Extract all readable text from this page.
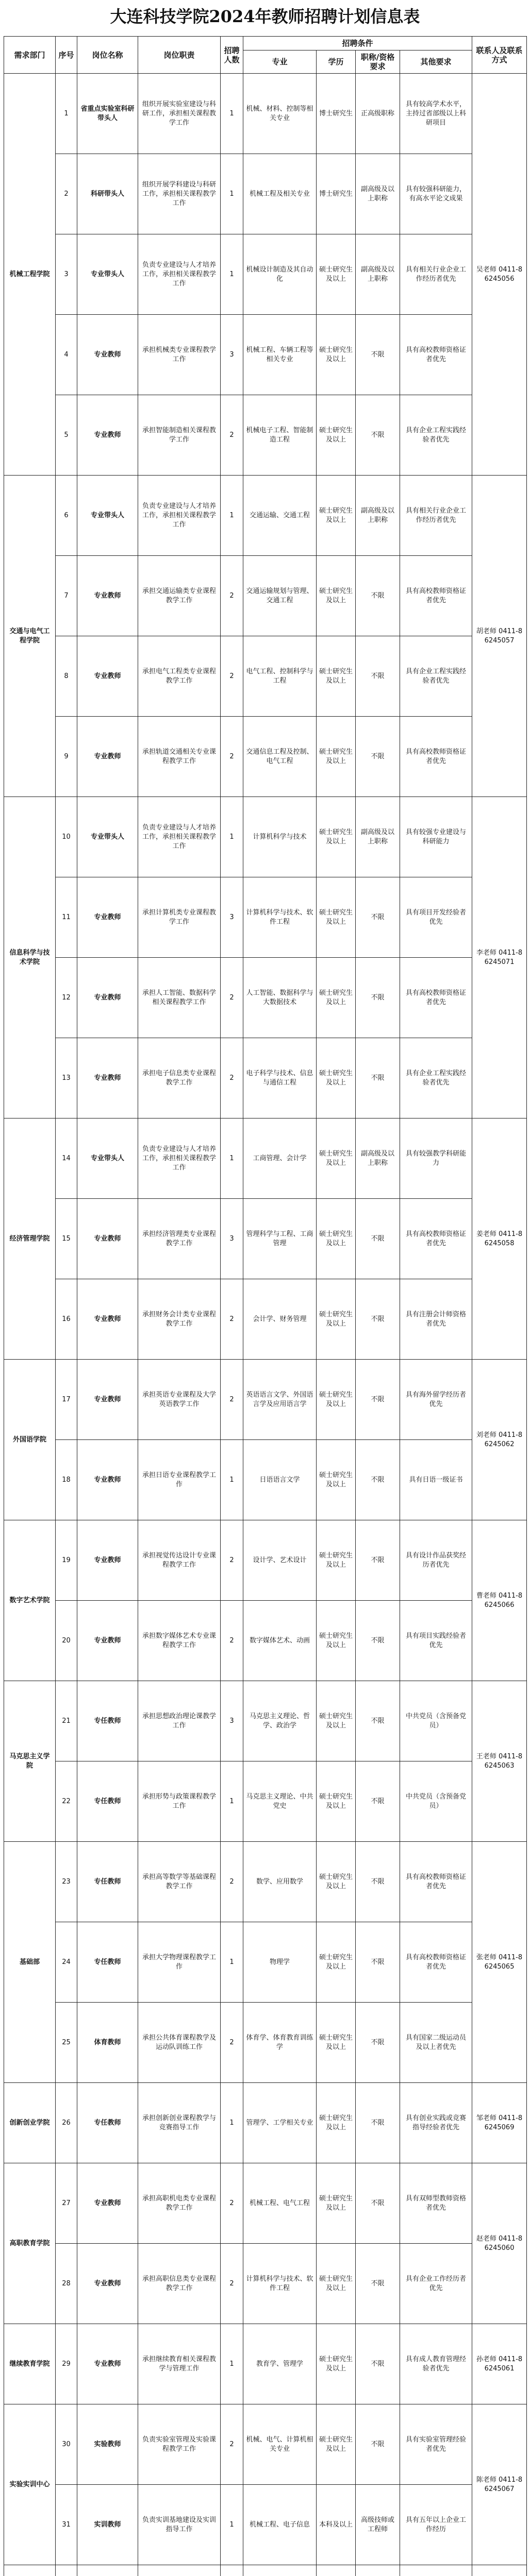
大连科技学院2024年教师招聘计划信息表
需求部门	序号	岗位名称	岗位职责	招聘人数	招聘条件				联系人及联系方式
					专业	学历	职称/资格要求	其他要求	
机械工程学院	1	省重点实验室科研带头人	组织开展实验室建设与科研工作，承担相关课程教学工作	1	机械、材料、控制等相关专业	博士研究生	正高级职称	具有较高学术水平，主持过省部级以上科研项目	吴老师 0411-86245056
	2	科研带头人	组织开展学科建设与科研工作，承担相关课程教学工作	1	机械工程及相关专业	博士研究生	副高级及以上职称	具有较强科研能力，有高水平论文成果	
	3	专业带头人	负责专业建设与人才培养工作，承担相关课程教学工作	1	机械设计制造及其自动化	硕士研究生及以上	副高级及以上职称	具有相关行业企业工作经历者优先	
	4	专业教师	承担机械类专业课程教学工作	3	机械工程、车辆工程等相关专业	硕士研究生及以上	不限	具有高校教师资格证者优先	
	5	专业教师	承担智能制造相关课程教学工作	2	机械电子工程、智能制造工程	硕士研究生及以上	不限	具有企业工程实践经验者优先	
交通与电气工程学院	6	专业带头人	负责专业建设与人才培养工作，承担相关课程教学工作	1	交通运输、交通工程	硕士研究生及以上	副高级及以上职称	具有相关行业企业工作经历者优先	胡老师 0411-86245057
	7	专业教师	承担交通运输类专业课程教学工作	2	交通运输规划与管理、交通工程	硕士研究生及以上	不限	具有高校教师资格证者优先	
	8	专业教师	承担电气工程类专业课程教学工作	2	电气工程、控制科学与工程	硕士研究生及以上	不限	具有企业工程实践经验者优先	
	9	专业教师	承担轨道交通相关专业课程教学工作	2	交通信息工程及控制、电气工程	硕士研究生及以上	不限	具有高校教师资格证者优先	
信息科学与技术学院	10	专业带头人	负责专业建设与人才培养工作，承担相关课程教学工作	1	计算机科学与技术	硕士研究生及以上	副高级及以上职称	具有较强专业建设与科研能力	李老师 0411-86245071
	11	专业教师	承担计算机类专业课程教学工作	3	计算机科学与技术、软件工程	硕士研究生及以上	不限	具有项目开发经验者优先	
	12	专业教师	承担人工智能、数据科学相关课程教学工作	2	人工智能、数据科学与大数据技术	硕士研究生及以上	不限	具有高校教师资格证者优先	
	13	专业教师	承担电子信息类专业课程教学工作	2	电子科学与技术、信息与通信工程	硕士研究生及以上	不限	具有企业工程实践经验者优先	
经济管理学院	14	专业带头人	负责专业建设与人才培养工作，承担相关课程教学工作	1	工商管理、会计学	硕士研究生及以上	副高级及以上职称	具有较强教学科研能力	姜老师 0411-86245058
	15	专业教师	承担经济管理类专业课程教学工作	3	管理科学与工程、工商管理	硕士研究生及以上	不限	具有高校教师资格证者优先	
	16	专业教师	承担财务会计类专业课程教学工作	2	会计学、财务管理	硕士研究生及以上	不限	具有注册会计师资格者优先	
外国语学院	17	专业教师	承担英语专业课程及大学英语教学工作	2	英语语言文学、外国语言学及应用语言学	硕士研究生及以上	不限	具有海外留学经历者优先	刘老师 0411-86245062
	18	专业教师	承担日语专业课程教学工作	1	日语语言文学	硕士研究生及以上	不限	具有日语一级证书	
数字艺术学院	19	专业教师	承担视觉传达设计专业课程教学工作	2	设计学、艺术设计	硕士研究生及以上	不限	具有设计作品获奖经历者优先	曹老师 0411-86245066
	20	专业教师	承担数字媒体艺术专业课程教学工作	2	数字媒体艺术、动画	硕士研究生及以上	不限	具有项目实践经验者优先	
马克思主义学院	21	专任教师	承担思想政治理论课教学工作	3	马克思主义理论、哲学、政治学	硕士研究生及以上	不限	中共党员（含预备党员）	王老师 0411-86245063
	22	专任教师	承担形势与政策课程教学工作	1	马克思主义理论、中共党史	硕士研究生及以上	不限	中共党员（含预备党员）	
基础部	23	专任教师	承担高等数学等基础课程教学工作	2	数学、应用数学	硕士研究生及以上	不限	具有高校教师资格证者优先	张老师 0411-86245065
	24	专任教师	承担大学物理课程教学工作	1	物理学	硕士研究生及以上	不限	具有高校教师资格证者优先	
	25	体育教师	承担公共体育课程教学及运动队训练工作	2	体育学、体育教育训练学	硕士研究生及以上	不限	具有国家二级运动员及以上者优先	
创新创业学院	26	专任教师	承担创新创业课程教学与竞赛指导工作	1	管理学、工学相关专业	硕士研究生及以上	不限	具有创业实践或竞赛指导经验者优先	邹老师 0411-86245069
高职教育学院	27	专业教师	承担高职机电类专业课程教学工作	2	机械工程、电气工程	硕士研究生及以上	不限	具有双师型教师资格者优先	赵老师 0411-86245060
	28	专业教师	承担高职信息类专业课程教学工作	2	计算机科学与技术、软件工程	硕士研究生及以上	不限	具有企业工作经历者优先	
继续教育学院	29	专业教师	承担继续教育相关课程教学与管理工作	1	教育学、管理学	硕士研究生及以上	不限	具有成人教育管理经验者优先	孙老师 0411-86245061
实验实训中心	30	实验教师	负责实验室管理及实验课程教学工作	2	机械、电气、计算机相关专业	硕士研究生及以上	不限	具有实验室管理经验者优先	陈老师 0411-86245067
	31	实训教师	负责实训基地建设及实训指导工作	1	机械工程、电子信息	本科及以上	高级技师或工程师	具有五年以上企业工作经历	
